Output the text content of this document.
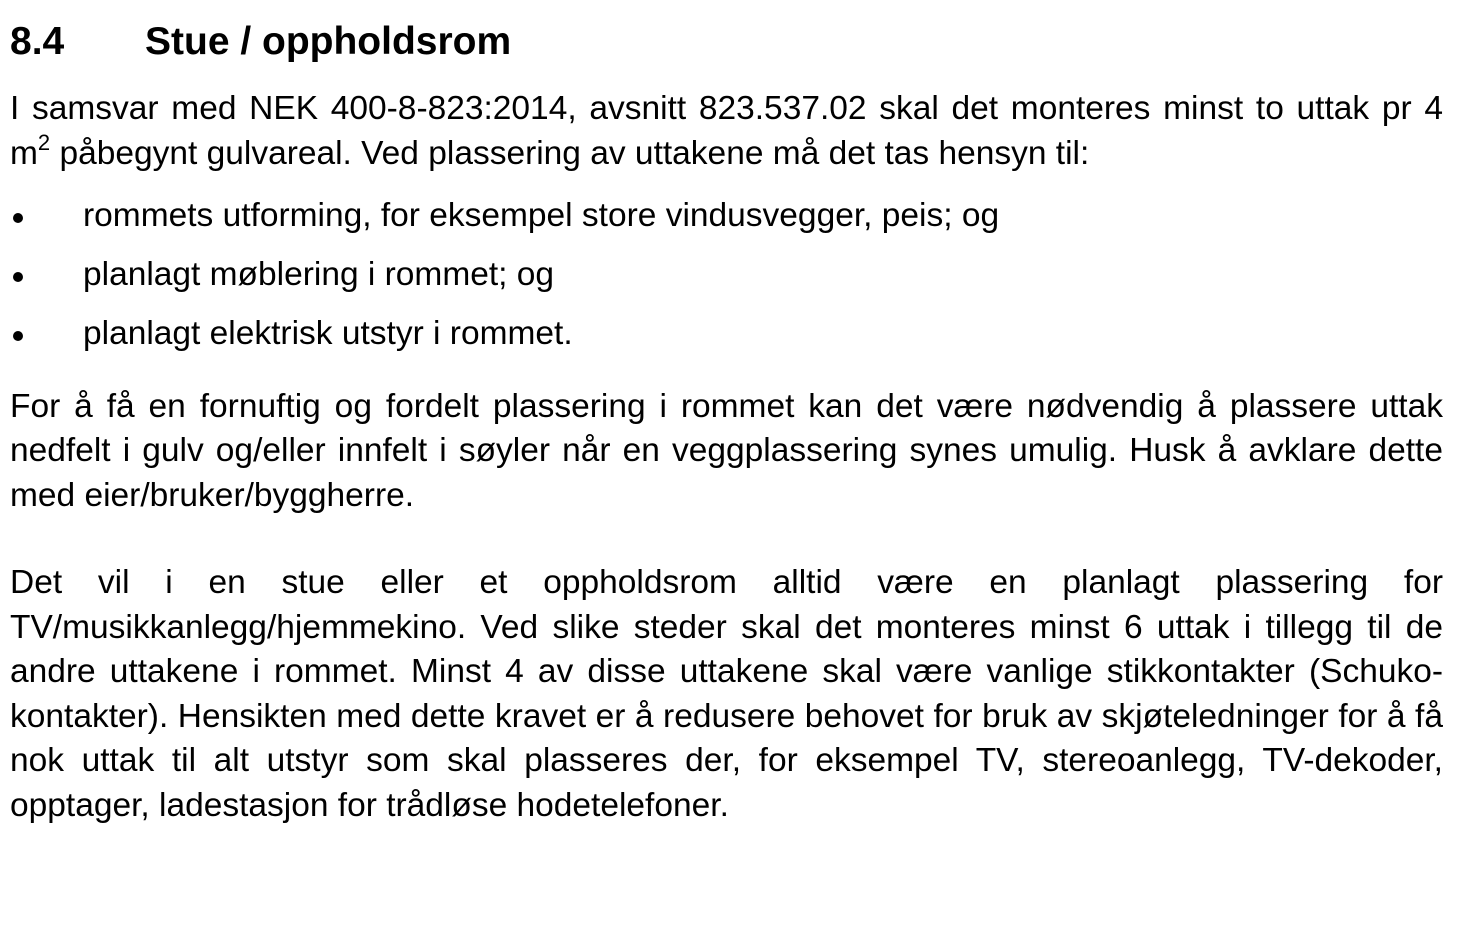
8.4 Stue / oppholdsrom

I samsvar med NEK 400-8-823:2014, avsnitt 823.537.02 skal det monteres minst to uttak pr 4 $m^2$ påbegynt gulvareal. Ved plassering av uttakene må det tas hensyn til:

rommets utforming, for eksempel store vindusvegger, peis; og
planlagt møblering i rommet; og
planlagt elektrisk utstyr i rommet.

For å få en fornuftig og fordelt plassering i rommet kan det være nødvendig å plassere uttak nedfelt i gulv og/eller innfelt i søyler når en veggplassering synes umulig. Husk å avklare dette med eier/bruker/byggherre.

Det vil i en stue eller et oppholdsrom alltid være en planlagt plassering for TV/musikkanlegg/hjemmekino. Ved slike steder skal det monteres minst 6 uttak i tillegg til de andre uttakene i rommet. Minst 4 av disse uttakene skal være vanlige stikkontakter (Schuko-kontakter). Hensikten med dette kravet er å redusere behovet for bruk av skjøteledninger for å få nok uttak til alt utstyr som skal plasseres der, for eksempel TV, stereoanlegg, TV-dekoder, opptager, ladestasjon for trådløse hodetelefoner.
